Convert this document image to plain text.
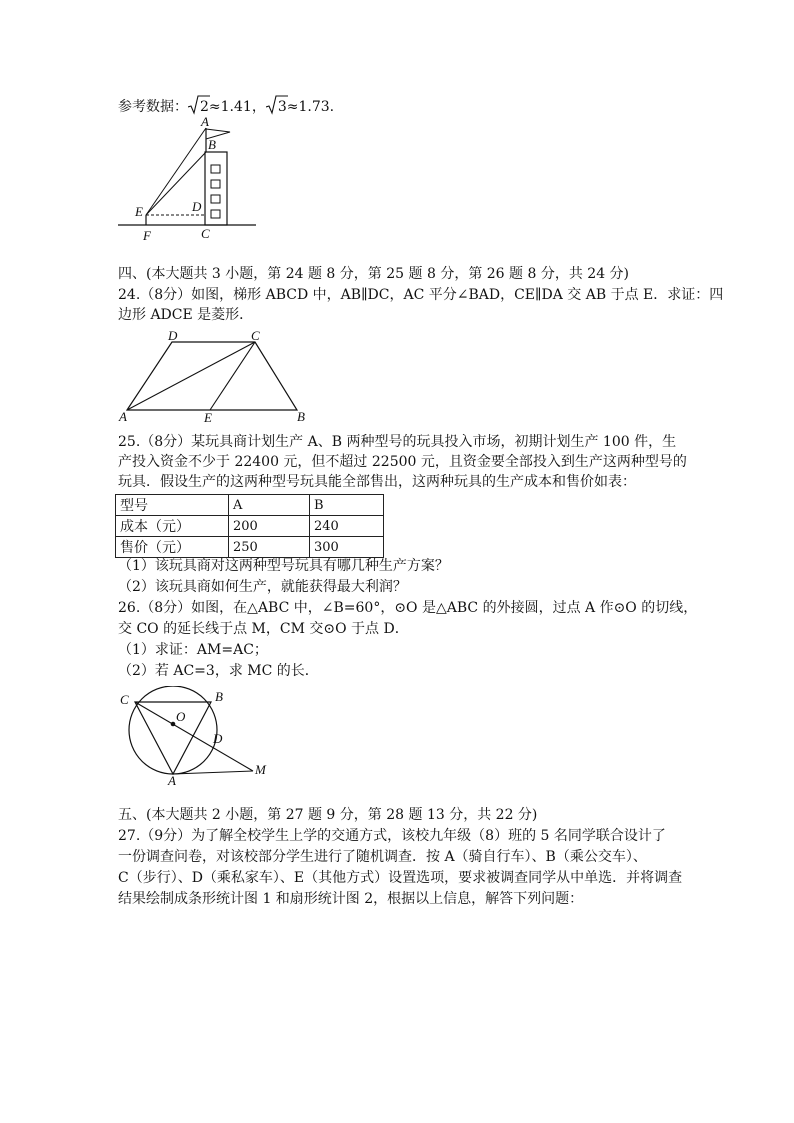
参考数据： 2≈1.41， 3≈1.73.
A
B
D
E
F	C
四、(本大题共 3 小题，第 24 题 8 分，第 25 题 8 分，第 26 题 8 分，共 24 分)
24.（8分）如图，梯形 ABCD 中，AB∥DC，AC 平分∠BAD，CE∥DA 交 AB 于点 E．求证：四
边形 ADCE 是菱形．
A	B
C
D
E
25.（8分）某玩具商计划生产 A、B 两种型号的玩具投入市场，初期计划生产 100 件，生
产投入资金不少于 22400 元，但不超过 22500 元，且资金要全部投入到生产这两种型号的
玩具．假设生产的这两种型号玩具能全部售出，这两种玩具的生产成本和售价如表：
型号	A	B
成本（元）	200	240
售价（元）	250	300
（1）该玩具商对这两种型号玩具有哪几种生产方案？
（2）该玩具商如何生产，就能获得最大利润？
26.（8分）如图，在△ABC 中，∠B=60°，⊙O 是△ABC 的外接圆，过点 A 作⊙O 的切线，
交 CO 的延长线于点 M，CM 交⊙O 于点 D．
（1）求证：AM=AC；
（2）若 AC=3，求 MC 的长．
C	B
O
D
A
M
五、(本大题共 2 小题，第 27 题 9 分，第 28 题 13 分，共 22 分)
27.（9分）为了解全校学生上学的交通方式，该校九年级（8）班的 5 名同学联合设计了
一份调查问卷，对该校部分学生进行了随机调查．按 A（骑自行车）、B（乘公交车）、
C（步行）、D（乘私家车）、E（其他方式）设置选项，要求被调查同学从中单选．并将调查
结果绘制成条形统计图 1 和扇形统计图 2，根据以上信息，解答下列问题：
